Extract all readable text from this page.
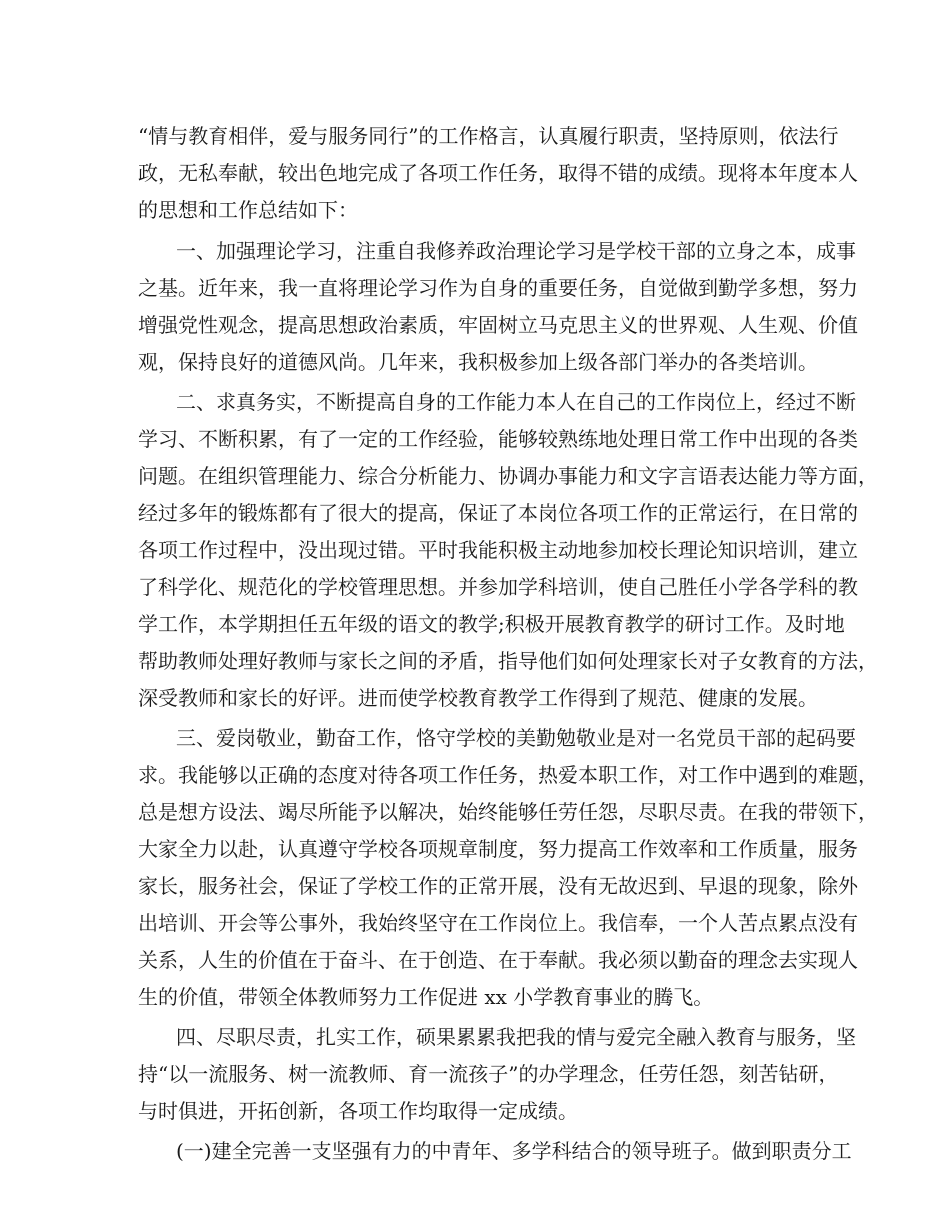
“情与教育相伴，爱与服务同行”的工作格言，认真履行职责，坚持原则，依法行

政，无私奉献，较出色地完成了各项工作任务，取得不错的成绩。现将本年度本人

的思想和工作总结如下：

一、加强理论学习，注重自我修养政治理论学习是学校干部的立身之本，成事

之基。近年来，我一直将理论学习作为自身的重要任务，自觉做到勤学多想，努力

增强党性观念，提高思想政治素质，牢固树立马克思主义的世界观、人生观、价值

观，保持良好的道德风尚。几年来，我积极参加上级各部门举办的各类培训。

二、求真务实，不断提高自身的工作能力本人在自己的工作岗位上，经过不断

学习、不断积累，有了一定的工作经验，能够较熟练地处理日常工作中出现的各类

问题。在组织管理能力、综合分析能力、协调办事能力和文字言语表达能力等方面，

经过多年的锻炼都有了很大的提高，保证了本岗位各项工作的正常运行，在日常的

各项工作过程中，没出现过错。平时我能积极主动地参加校长理论知识培训，建立

了科学化、规范化的学校管理思想。并参加学科培训，使自己胜任小学各学科的教

学工作，本学期担任五年级的语文的教学;积极开展教育教学的研讨工作。及时地

帮助教师处理好教师与家长之间的矛盾，指导他们如何处理家长对子女教育的方法，

深受教师和家长的好评。进而使学校教育教学工作得到了规范、健康的发展。

三、爱岗敬业，勤奋工作，恪守学校的美勤勉敬业是对一名党员干部的起码要

求。我能够以正确的态度对待各项工作任务，热爱本职工作，对工作中遇到的难题，

总是想方设法、竭尽所能予以解决，始终能够任劳任怨，尽职尽责。在我的带领下，

大家全力以赴，认真遵守学校各项规章制度，努力提高工作效率和工作质量，服务

家长，服务社会，保证了学校工作的正常开展，没有无故迟到、早退的现象，除外

出培训、开会等公事外，我始终坚守在工作岗位上。我信奉，一个人苦点累点没有

关系，人生的价值在于奋斗、在于创造、在于奉献。我必须以勤奋的理念去实现人

生的价值，带领全体教师努力工作促进 xx 小学教育事业的腾飞。

四、尽职尽责，扎实工作，硕果累累我把我的情与爱完全融入教育与服务，坚

持“以一流服务、树一流教师、育一流孩子”的办学理念，任劳任怨，刻苦钻研，

与时俱进，开拓创新，各项工作均取得一定成绩。

(一)建全完善一支坚强有力的中青年、多学科结合的领导班子。做到职责分工
